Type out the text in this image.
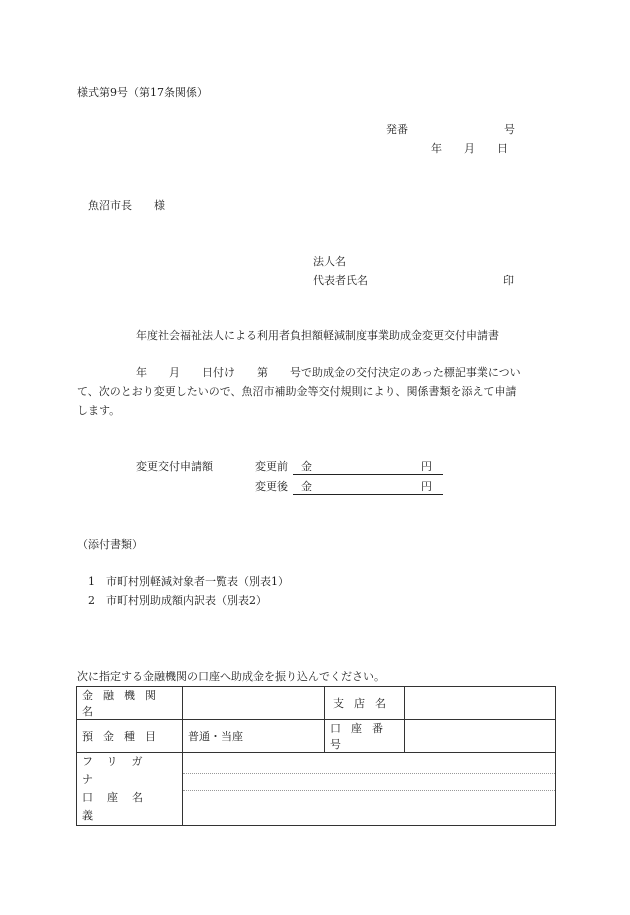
様式第9号（第17条関係）
発番	号
年　　月　　日
魚沼市長　　様
法人名
代表者氏名	印
年度社会福祉法人による利用者負担額軽減制度事業助成金変更交付申請書
年　　月　　日付け　　第　　号で助成金の交付決定のあった標記事業につい
て、次のとおり変更したいので、魚沼市補助金等交付規則により、関係書類を添えて申請
します。
変更交付申請額	変更前 金	円

変更後 金	円

（添付書類）
1　市町村別軽減対象者一覧表（別表1）
2　市町村別助成額内訳表（別表2）
次に指定する金融機関の口座へ助成金を振り込んでください。
金融機関名		支店名	
預金種目	普通・当座	口座番号	

フリガナ
口座名義			
